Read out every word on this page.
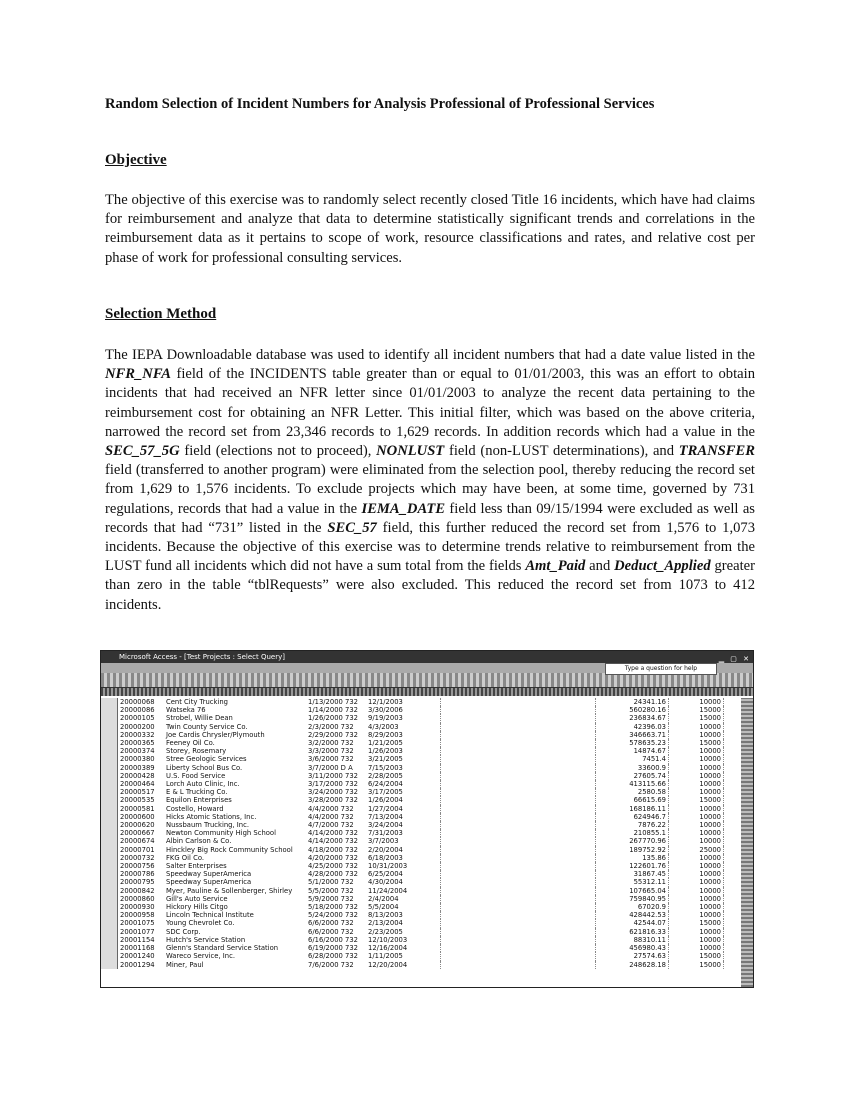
Random Selection of Incident Numbers for Analysis Professional of Professional Services
Objective
The objective of this exercise was to randomly select recently closed Title 16 incidents, which have had claims for reimbursement and analyze that data to determine statistically significant trends and correlations in the reimbursement data as it pertains to scope of work, resource classifications and rates, and relative cost per phase of work for professional consulting services.
Selection Method
The IEPA Downloadable database was used to identify all incident numbers that had a date value listed in the NFR_NFA field of the INCIDENTS table greater than or equal to 01/01/2003, this was an effort to obtain incidents that had received an NFR letter since 01/01/2003 to analyze the recent data pertaining to the reimbursement cost for obtaining an NFR Letter. This initial filter, which was based on the above criteria, narrowed the record set from 23,346 records to 1,629 records. In addition records which had a value in the SEC_57_5G field (elections not to proceed), NONLUST field (non-LUST determinations), and TRANSFER field (transferred to another program) were eliminated from the selection pool, thereby reducing the record set from 1,629 to 1,576 incidents. To exclude projects which may have been, at some time, governed by 731 regulations, records that had a value in the IEMA_DATE field less than 09/15/1994 were excluded as well as records that had “731” listed in the SEC_57 field, this further reduced the record set from 1,576 to 1,073 incidents. Because the objective of this exercise was to determine trends relative to reimbursement from the LUST fund all incidents which did not have a sum total from the fields Amt_Paid and Deduct_Applied greater than zero in the table “tblRequests” were also excluded. This reduced the record set from 1073 to 412 incidents.
Microsoft Access - [Test Projects : Select Query]	▁ ▢ ✕
Type a question for help
	20000068	Cent City Trucking	1/13/2000 732	12/1/2003		24341.16	10000
	20000086	Watseka 76	1/14/2000 732	3/30/2006		560280.16	15000
	20000105	Strobel, Willie Dean	1/26/2000 732	9/19/2003		236834.67	15000
	20000200	Twin County Service Co.	2/3/2000 732	4/3/2003		42396.03	10000
	20000332	Joe Cardis Chrysler/Plymouth	2/29/2000 732	8/29/2003		346663.71	10000
	20000365	Feeney Oil Co.	3/2/2000 732	1/21/2005		578635.23	15000
	20000374	Storey, Rosemary	3/3/2000 732	1/26/2003		14874.67	10000
	20000380	Stree Geologic Services	3/6/2000 732	3/21/2005		7451.4	10000
	20000389	Liberty School Bus Co.	3/7/2000 D A	7/15/2003		33600.9	10000
	20000428	U.S. Food Service	3/11/2000 732	2/28/2005		27605.74	10000
	20000464	Lorch Auto Clinic, Inc.	3/17/2000 732	6/24/2004		413115.66	10000
	20000517	E & L Trucking Co.	3/24/2000 732	3/17/2005		2580.58	10000
	20000535	Equilon Enterprises	3/28/2000 732	1/26/2004		66615.69	15000
	20000581	Costello, Howard	4/4/2000 732	1/27/2004		168186.11	10000
	20000600	Hicks Atomic Stations, Inc.	4/4/2000 732	7/13/2004		624946.7	10000
	20000620	Nussbaum Trucking, Inc.	4/7/2000 732	3/24/2004		7876.22	10000
	20000667	Newton Community High School	4/14/2000 732	7/31/2003		210855.1	10000
	20000674	Albin Carlson & Co.	4/14/2000 732	3/7/2003		267770.96	10000
	20000701	Hinckley Big Rock Community School	4/18/2000 732	2/20/2004		189752.92	25000
	20000732	FKG Oil Co.	4/20/2000 732	6/18/2003		135.86	10000
	20000756	Salter Enterprises	4/25/2000 732	10/31/2003		122601.76	10000
	20000786	Speedway SuperAmerica	4/28/2000 732	6/25/2004		31867.45	10000
	20000795	Speedway SuperAmerica	5/1/2000 732	4/30/2004		55312.11	10000
	20000842	Myer, Pauline & Sollenberger, Shirley	5/5/2000 732	11/24/2004		107665.04	10000
	20000860	Gill's Auto Service	5/9/2000 732	2/4/2004		759840.95	10000
	20000930	Hickory Hills Citgo	5/18/2000 732	5/5/2004		67020.9	10000
	20000958	Lincoln Technical Institute	5/24/2000 732	8/13/2003		428442.53	10000
	20001075	Young Chevrolet Co.	6/6/2000 732	2/13/2004		42544.07	15000
	20001077	SDC Corp.	6/6/2000 732	2/23/2005		621816.33	10000
	20001154	Hutch's Service Station	6/16/2000 732	12/10/2003		88310.11	10000
	20001168	Glenn's Standard Service Station	6/19/2000 732	12/16/2004		456980.43	10000
	20001240	Wareco Service, Inc.	6/28/2000 732	1/11/2005		27574.63	15000
	20001294	Miner, Paul	7/6/2000 732	12/20/2004		248628.18	15000
